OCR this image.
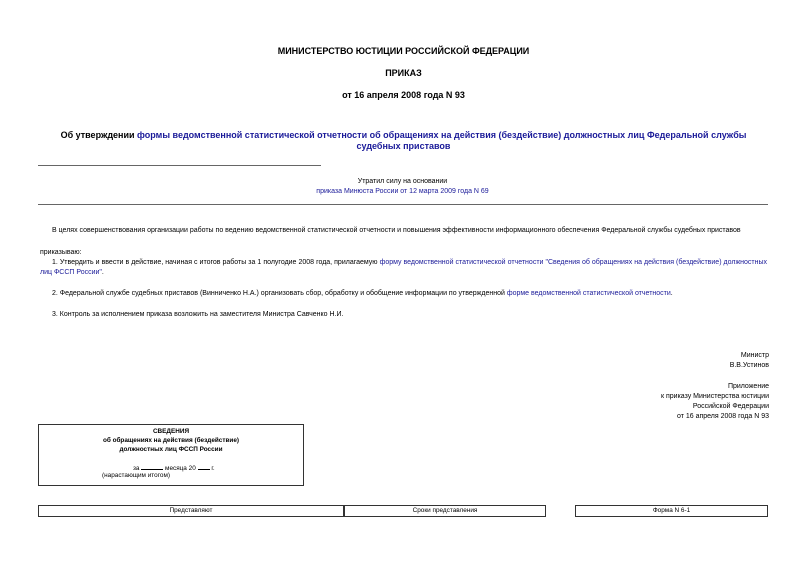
МИНИСТЕРСТВО ЮСТИЦИИ РОССИЙСКОЙ ФЕДЕРАЦИИ
ПРИКАЗ
от 16 апреля 2008 года N 93
Об утверждении формы ведомственной статистической отчетности об обращениях на действия (бездействие) должностных лиц Федеральной службы судебных приставов
Утратил силу на основании
приказа Минюста России от 12 марта 2009 года N 69
В целях совершенствования организации работы по ведению ведомственной статистической отчетности и повышения эффективности информационного обеспечения Федеральной службы судебных приставов
приказываю:
1. Утвердить и ввести в действие, начиная с итогов работы за 1 полугодие 2008 года, прилагаемую форму ведомственной статистической отчетности "Сведения об обращениях на действия (бездействие) должностных лиц ФССП России".
2. Федеральной службе судебных приставов (Винниченко Н.А.) организовать сбор, обработку и обобщение информации по утвержденной форме ведомственной статистической отчетности.
3. Контроль за исполнением приказа возложить на заместителя Министра Савченко Н.И.
Министр
В.В.Устинов
Приложение
к приказу Министерства юстиции
Российской Федерации
от 16 апреля 2008 года N 93
СВЕДЕНИЯ
об обращениях на действия (бездействие)
должностных лиц ФССП России
за	месяца 20 г.
(нарастающим итогом)
Представляют	Сроки представления	Форма N 6-1
